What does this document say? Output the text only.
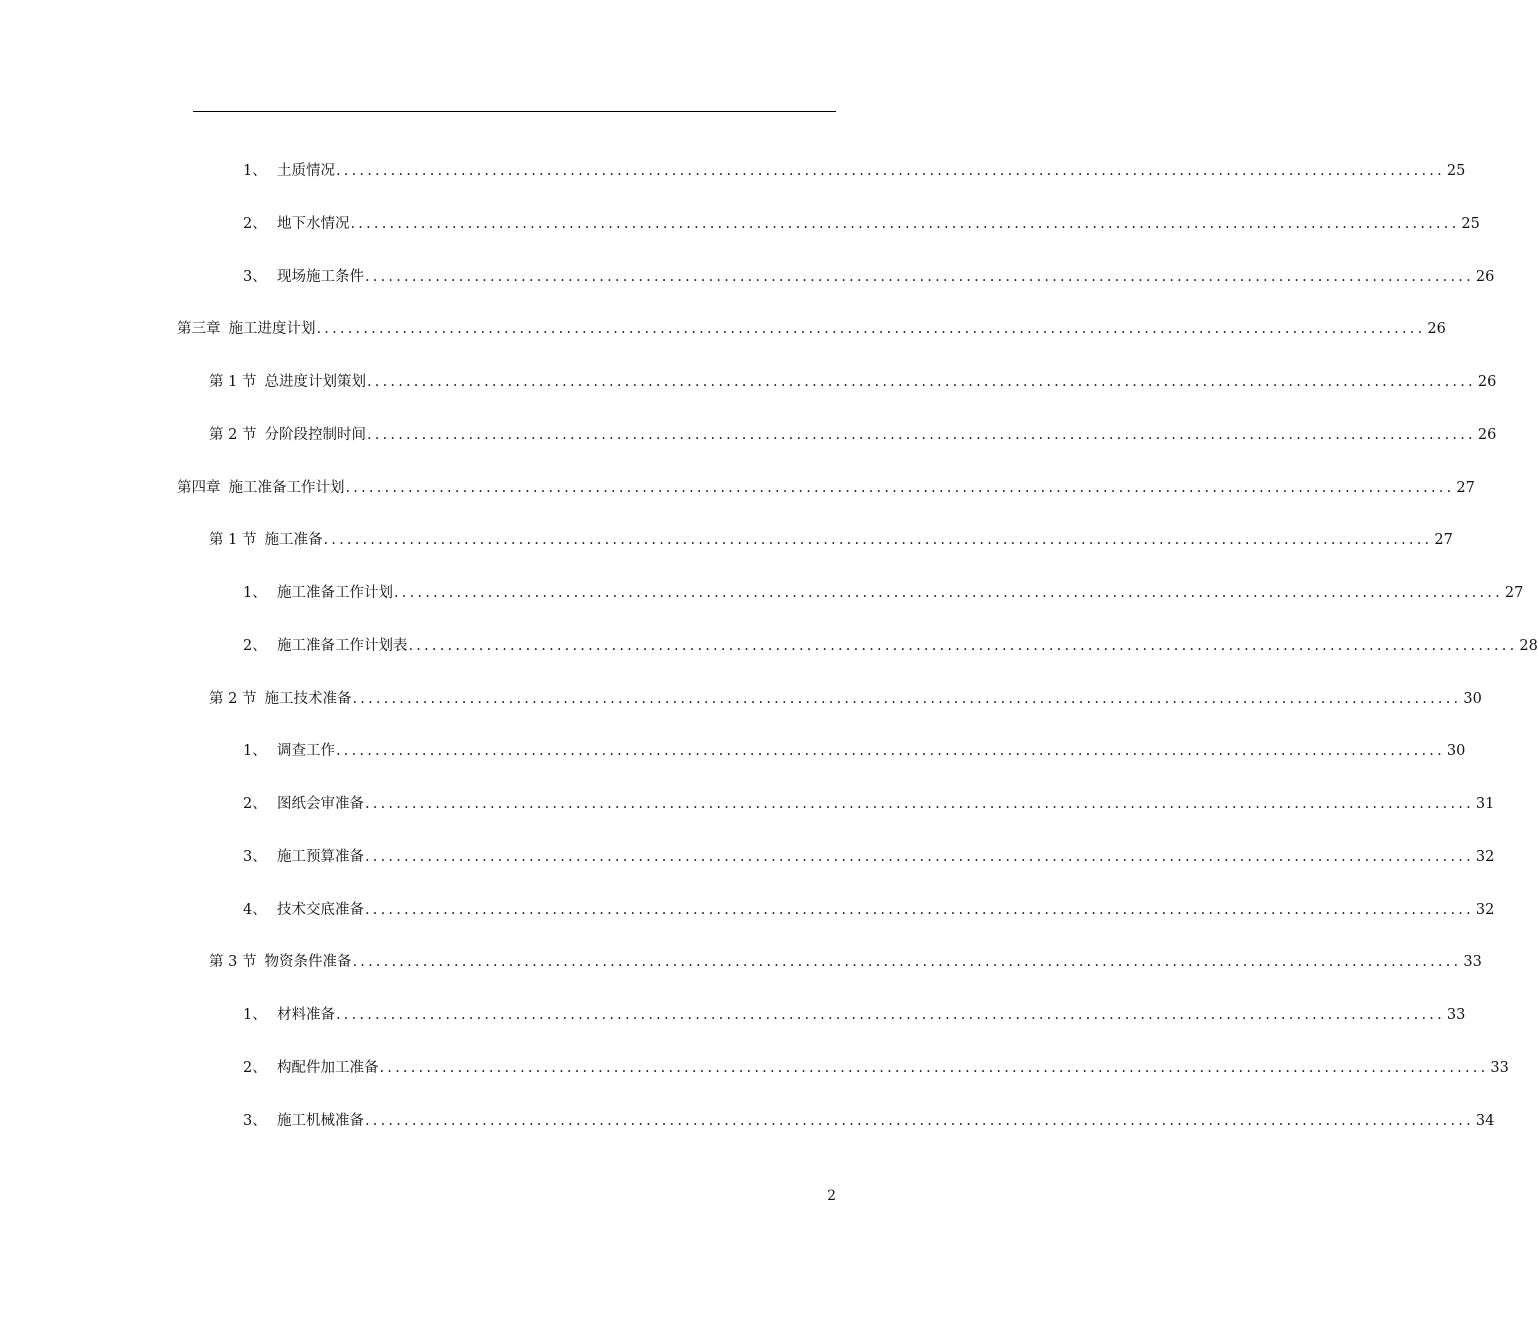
1、 土质情况 .............................................................................................................................................. 25
2、 地下水情况 .............................................................................................................................................. 25
3、 现场施工条件 .............................................................................................................................................. 26
第三章 施工进度计划 .............................................................................................................................................. 26
第 1 节 总进度计划策划 .............................................................................................................................................. 26
第 2 节 分阶段控制时间 .............................................................................................................................................. 26
第四章 施工准备工作计划 .............................................................................................................................................. 27
第 1 节 施工准备 .............................................................................................................................................. 27
1、 施工准备工作计划 .............................................................................................................................................. 27
2、 施工准备工作计划表 .............................................................................................................................................. 28
第 2 节 施工技术准备 .............................................................................................................................................. 30
1、 调查工作 .............................................................................................................................................. 30
2、 图纸会审准备 .............................................................................................................................................. 31
3、 施工预算准备 .............................................................................................................................................. 32
4、 技术交底准备 .............................................................................................................................................. 32
第 3 节 物资条件准备 .............................................................................................................................................. 33
1、 材料准备 .............................................................................................................................................. 33
2、 构配件加工准备 .............................................................................................................................................. 33
3、 施工机械准备 .............................................................................................................................................. 34
2
